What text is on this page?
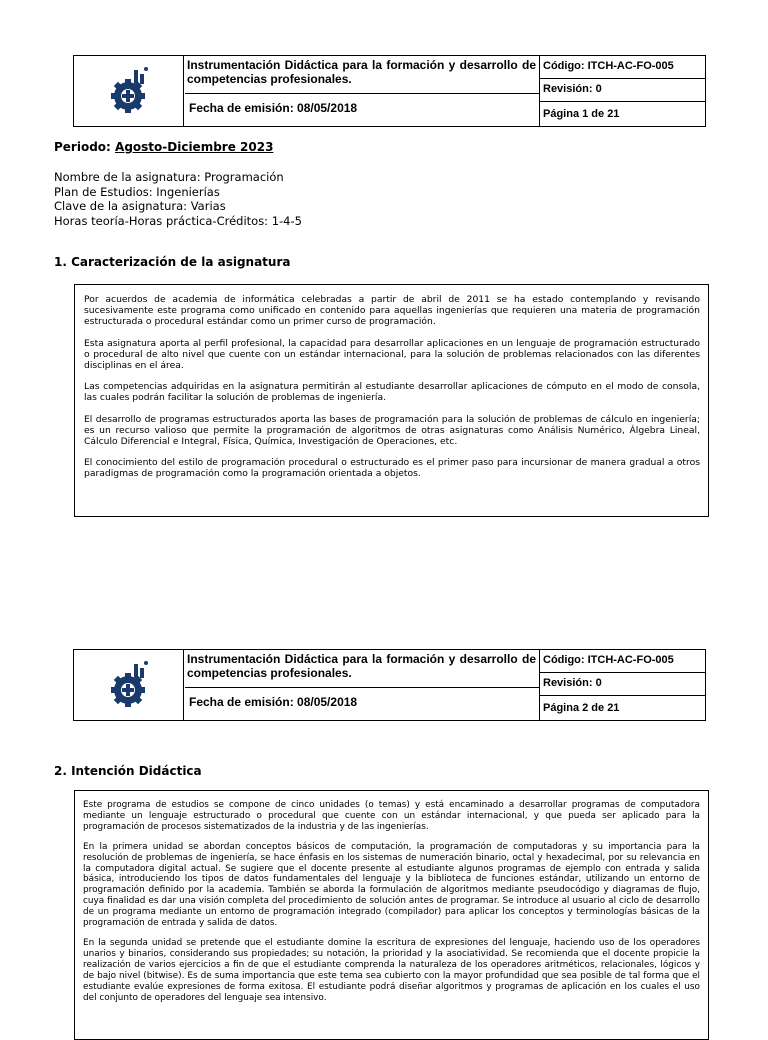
Instrumentación Didáctica para la formación y desarrollo de competencias profesionales.
Fecha de emisión: 08/05/2018
Código: ITCH-AC-FO-005
Revisión: 0
Página 1 de 21
Periodo: Agosto-Diciembre 2023
Nombre de la asignatura: Programación
Plan de Estudios: Ingenierías
Clave de la asignatura: Varias
Horas teoría-Horas práctica-Créditos: 1-4-5
1. Caracterización de la asignatura

Por acuerdos de academia de informática celebradas a partir de abril de 2011 se ha estado contemplando y revisando sucesivamente este programa como unificado en contenido para aquellas ingenierías que requieren una materia de programación estructurada o procedural estándar como un primer curso de programación.

Esta asignatura aporta al perfil profesional, la capacidad para desarrollar aplicaciones en un lenguaje de programación estructurado o procedural de alto nivel que cuente con un estándar internacional, para la solución de problemas relacionados con las diferentes disciplinas en el área.

Las competencias adquiridas en la asignatura permitirán al estudiante desarrollar aplicaciones de cómputo en el modo de consola, las cuales podrán facilitar la solución de problemas de ingeniería.

El desarrollo de programas estructurados aporta las bases de programación para la solución de problemas de cálculo en ingeniería; es un recurso valioso que permite la programación de algoritmos de otras asignaturas como Análisis Numérico, Álgebra Lineal, Cálculo Diferencial e Integral, Física, Química, Investigación de Operaciones, etc.

El conocimiento del estilo de programación procedural o estructurado es el primer paso para incursionar de manera gradual a otros paradigmas de programación como la programación orientada a objetos.

Instrumentación Didáctica para la formación y desarrollo de competencias profesionales.
Fecha de emisión: 08/05/2018
Código: ITCH-AC-FO-005
Revisión: 0
Página 2 de 21
2. Intención Didáctica

Este programa de estudios se compone de cinco unidades (o temas) y está encaminado a desarrollar programas de computadora mediante un lenguaje estructurado o procedural que cuente con un estándar internacional, y que pueda ser aplicado para la programación de procesos sistematizados de la industria y de las ingenierías.

En la primera unidad se abordan conceptos básicos de computación, la programación de computadoras y su importancia para la resolución de problemas de ingeniería, se hace énfasis en los sistemas de numeración binario, octal y hexadecimal, por su relevancia en la computadora digital actual. Se sugiere que el docente presente al estudiante algunos programas de ejemplo con entrada y salida básica, introduciendo los tipos de datos fundamentales del lenguaje y la biblioteca de funciones estándar, utilizando un entorno de programación definido por la academia. También se aborda la formulación de algoritmos mediante pseudocódigo y diagramas de flujo, cuya finalidad es dar una visión completa del procedimiento de solución antes de programar. Se introduce al usuario al ciclo de desarrollo de un programa mediante un entorno de programación integrado (compilador) para aplicar los conceptos y terminologías básicas de la programación de entrada y salida de datos.

En la segunda unidad se pretende que el estudiante domine la escritura de expresiones del lenguaje, haciendo uso de los operadores unarios y binarios, considerando sus propiedades; su notación, la prioridad y la asociatividad. Se recomienda que el docente propicie la realización de varios ejercicios a fin de que el estudiante comprenda la naturaleza de los operadores aritméticos, relacionales, lógicos y de bajo nivel (bitwise). Es de suma importancia que este tema sea cubierto con la mayor profundidad que sea posible de tal forma que el estudiante evalúe expresiones de forma exitosa. El estudiante podrá diseñar algoritmos y programas de aplicación en los cuales el uso del conjunto de operadores del lenguaje sea intensivo.
